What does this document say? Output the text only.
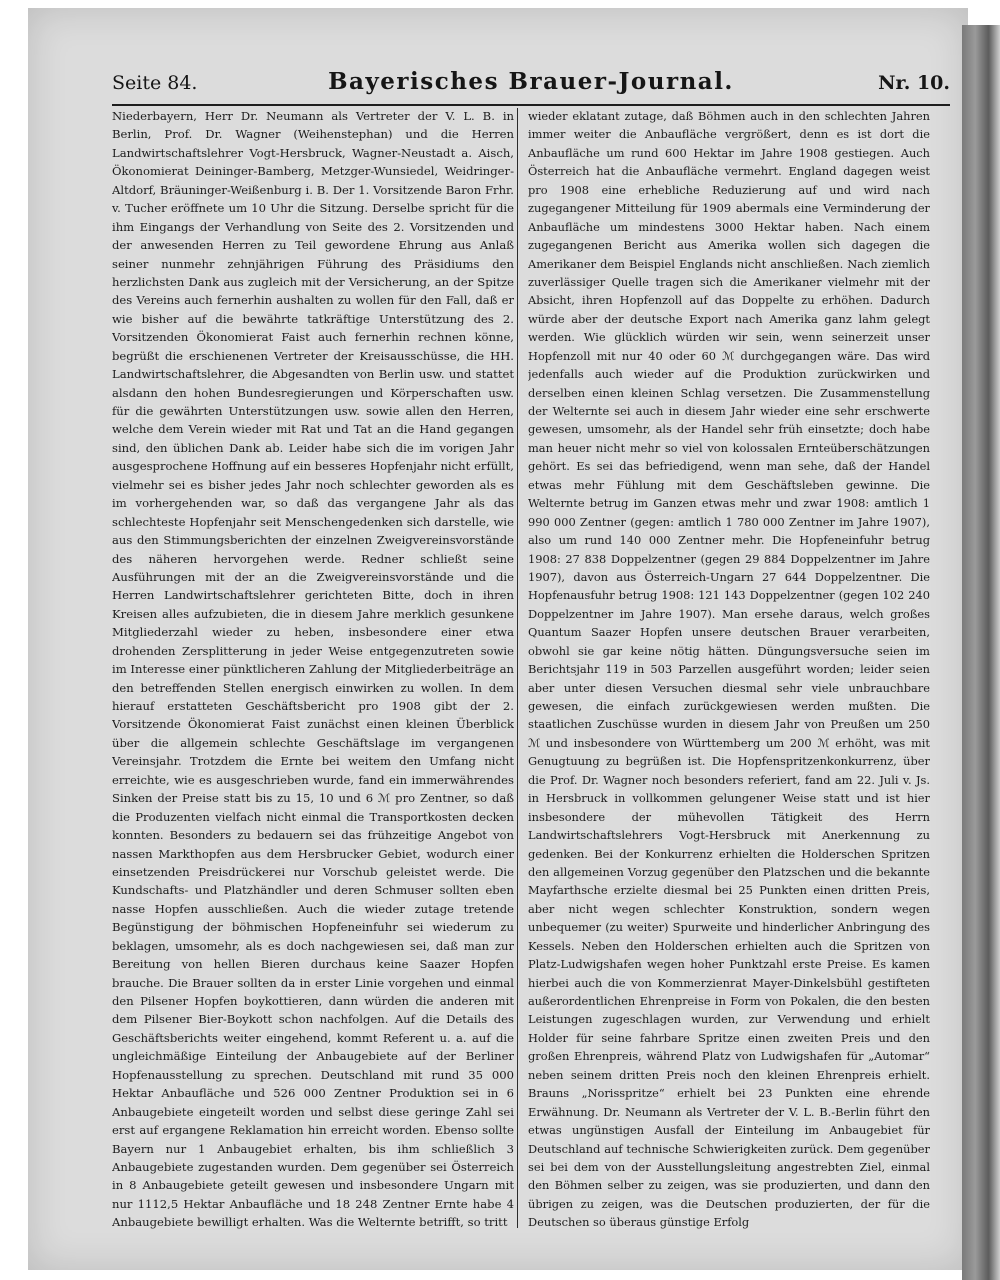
Seite 84.	Bayerisches Brauer-Journal.	Nr. 10.

Niederbayern, Herr Dr. Neumann als Vertreter der V. L. B. in Berlin, Prof. Dr. Wagner (Weihenstephan) und die Herren Landwirtschaftslehrer Vogt-Hersbruck, Wagner-Neustadt a. Aisch, Ökonomierat Deininger-Bamberg, Metzger-Wunsiedel, Weidringer-Altdorf, Bräuninger-Weißenburg i. B. Der 1. Vorsitzende Baron Frhr. v. Tucher eröffnete um 10 Uhr die Sitzung. Derselbe spricht für die ihm Eingangs der Verhandlung von Seite des 2. Vorsitzenden und der anwesenden Herren zu Teil gewordene Ehrung aus Anlaß seiner nunmehr zehnjährigen Führung des Präsidiums den herzlichsten Dank aus zugleich mit der Versicherung, an der Spitze des Vereins auch fernerhin aushalten zu wollen für den Fall, daß er wie bisher auf die bewährte tatkräftige Unterstützung des 2. Vorsitzenden Ökonomierat Faist auch fernerhin rechnen könne, begrüßt die erschienenen Vertreter der Kreisausschüsse, die HH. Landwirtschaftslehrer, die Abgesandten von Berlin usw. und stattet alsdann den hohen Bundesregierungen und Körperschaften usw. für die gewährten Unterstützungen usw. sowie allen den Herren, welche dem Verein wieder mit Rat und Tat an die Hand gegangen sind, den üblichen Dank ab. Leider habe sich die im vorigen Jahr ausgesprochene Hoffnung auf ein besseres Hopfenjahr nicht erfüllt, vielmehr sei es bisher jedes Jahr noch schlechter geworden als es im vorhergehenden war, so daß das vergangene Jahr als das schlechteste Hopfenjahr seit Menschengedenken sich darstelle, wie aus den Stimmungsberichten der einzelnen Zweigvereinsvorstände des näheren hervorgehen werde. Redner schließt seine Ausführungen mit der an die Zweigvereinsvorstände und die Herren Landwirtschaftslehrer gerichteten Bitte, doch in ihren Kreisen alles aufzubieten, die in diesem Jahre merklich gesunkene Mitgliederzahl wieder zu heben, insbesondere einer etwa drohenden Zersplitterung in jeder Weise entgegenzutreten sowie im Interesse einer pünktlicheren Zahlung der Mitgliederbeiträge an den betreffenden Stellen energisch einwirken zu wollen. In dem hierauf erstatteten Geschäftsbericht pro 1908 gibt der 2. Vorsitzende Ökonomierat Faist zunächst einen kleinen Überblick über die allgemein schlechte Geschäftslage im vergangenen Vereinsjahr. Trotzdem die Ernte bei weitem den Umfang nicht erreichte, wie es ausgeschrieben wurde, fand ein immerwährendes Sinken der Preise statt bis zu 15, 10 und 6 ℳ pro Zentner, so daß die Produzenten vielfach nicht einmal die Transportkosten decken konnten. Besonders zu bedauern sei das frühzeitige Angebot von nassen Markthopfen aus dem Hersbrucker Gebiet, wodurch einer einsetzenden Preisdrückerei nur Vorschub geleistet werde. Die Kundschafts- und Platzhändler und deren Schmuser sollten eben nasse Hopfen ausschließen. Auch die wieder zutage tretende Begünstigung der böhmischen Hopfeneinfuhr sei wiederum zu beklagen, umsomehr, als es doch nachgewiesen sei, daß man zur Bereitung von hellen Bieren durchaus keine Saazer Hopfen brauche. Die Brauer sollten da in erster Linie vorgehen und einmal den Pilsener Hopfen boykottieren, dann würden die anderen mit dem Pilsener Bier-Boykott schon nachfolgen. Auf die Details des Geschäftsberichts weiter eingehend, kommt Referent u. a. auf die ungleichmäßige Einteilung der Anbaugebiete auf der Berliner Hopfenausstellung zu sprechen. Deutschland mit rund 35 000 Hektar Anbaufläche und 526 000 Zentner Produktion sei in 6 Anbaugebiete eingeteilt worden und selbst diese geringe Zahl sei erst auf ergangene Reklamation hin erreicht worden. Ebenso sollte Bayern nur 1 Anbaugebiet erhalten, bis ihm schließlich 3 Anbaugebiete zugestanden wurden. Dem gegenüber sei Österreich in 8 Anbaugebiete geteilt gewesen und insbesondere Ungarn mit nur 1112,5 Hektar Anbaufläche und 18 248 Zentner Ernte habe 4 Anbaugebiete bewilligt erhalten. Was die Welternte betrifft, so tritt

wieder eklatant zutage, daß Böhmen auch in den schlechten Jahren immer weiter die Anbaufläche vergrößert, denn es ist dort die Anbaufläche um rund 600 Hektar im Jahre 1908 gestiegen. Auch Österreich hat die Anbaufläche vermehrt. England dagegen weist pro 1908 eine erhebliche Reduzierung auf und wird nach zugegangener Mitteilung für 1909 abermals eine Verminderung der Anbaufläche um mindestens 3000 Hektar haben. Nach einem zugegangenen Bericht aus Amerika wollen sich dagegen die Amerikaner dem Beispiel Englands nicht anschließen. Nach ziemlich zuverlässiger Quelle tragen sich die Amerikaner vielmehr mit der Absicht, ihren Hopfenzoll auf das Doppelte zu erhöhen. Dadurch würde aber der deutsche Export nach Amerika ganz lahm gelegt werden. Wie glücklich würden wir sein, wenn seinerzeit unser Hopfenzoll mit nur 40 oder 60 ℳ durchgegangen wäre. Das wird jedenfalls auch wieder auf die Produktion zurückwirken und derselben einen kleinen Schlag versetzen. Die Zusammenstellung der Welternte sei auch in diesem Jahr wieder eine sehr erschwerte gewesen, umsomehr, als der Handel sehr früh einsetzte; doch habe man heuer nicht mehr so viel von kolossalen Ernteüberschätzungen gehört. Es sei das befriedigend, wenn man sehe, daß der Handel etwas mehr Fühlung mit dem Geschäftsleben gewinne. Die Welternte betrug im Ganzen etwas mehr und zwar 1908: amtlich 1 990 000 Zentner (gegen: amtlich 1 780 000 Zentner im Jahre 1907), also um rund 140 000 Zentner mehr. Die Hopfeneinfuhr betrug 1908: 27 838 Doppelzentner (gegen 29 884 Doppelzentner im Jahre 1907), davon aus Österreich-Ungarn 27 644 Doppelzentner. Die Hopfenausfuhr betrug 1908: 121 143 Doppelzentner (gegen 102 240 Doppelzentner im Jahre 1907). Man ersehe daraus, welch großes Quantum Saazer Hopfen unsere deutschen Brauer verarbeiten, obwohl sie gar keine nötig hätten. Düngungsversuche seien im Berichtsjahr 119 in 503 Parzellen ausgeführt worden; leider seien aber unter diesen Versuchen diesmal sehr viele unbrauchbare gewesen, die einfach zurückgewiesen werden mußten. Die staatlichen Zuschüsse wurden in diesem Jahr von Preußen um 250 ℳ und insbesondere von Württemberg um 200 ℳ erhöht, was mit Genugtuung zu begrüßen ist. Die Hopfenspritzenkonkurrenz, über die Prof. Dr. Wagner noch besonders referiert, fand am 22. Juli v. Js. in Hersbruck in vollkommen gelungener Weise statt und ist hier insbesondere der mühevollen Tätigkeit des Herrn Landwirtschaftslehrers Vogt-Hersbruck mit Anerkennung zu gedenken. Bei der Konkurrenz erhielten die Holderschen Spritzen den allgemeinen Vorzug gegenüber den Platzschen und die bekannte Mayfarthsche erzielte diesmal bei 25 Punkten einen dritten Preis, aber nicht wegen schlechter Konstruktion, sondern wegen unbequemer (zu weiter) Spurweite und hinderlicher Anbringung des Kessels. Neben den Holderschen erhielten auch die Spritzen von Platz-Ludwigshafen wegen hoher Punktzahl erste Preise. Es kamen hierbei auch die von Kommerzienrat Mayer-Dinkelsbühl gestifteten außerordentlichen Ehrenpreise in Form von Pokalen, die den besten Leistungen zugeschlagen wurden, zur Verwendung und erhielt Holder für seine fahrbare Spritze einen zweiten Preis und den großen Ehrenpreis, während Platz von Ludwigshafen für „Automar“ neben seinem dritten Preis noch den kleinen Ehrenpreis erhielt. Brauns „Norisspritze“ erhielt bei 23 Punkten eine ehrende Erwähnung. Dr. Neumann als Vertreter der V. L. B.-Berlin führt den etwas ungünstigen Ausfall der Einteilung im Anbaugebiet für Deutschland auf technische Schwierigkeiten zurück. Dem gegenüber sei bei dem von der Ausstellungsleitung angestrebten Ziel, einmal den Böhmen selber zu zeigen, was sie produzierten, und dann den übrigen zu zeigen, was die Deutschen produzierten, der für die Deutschen so überaus günstige Erfolg
